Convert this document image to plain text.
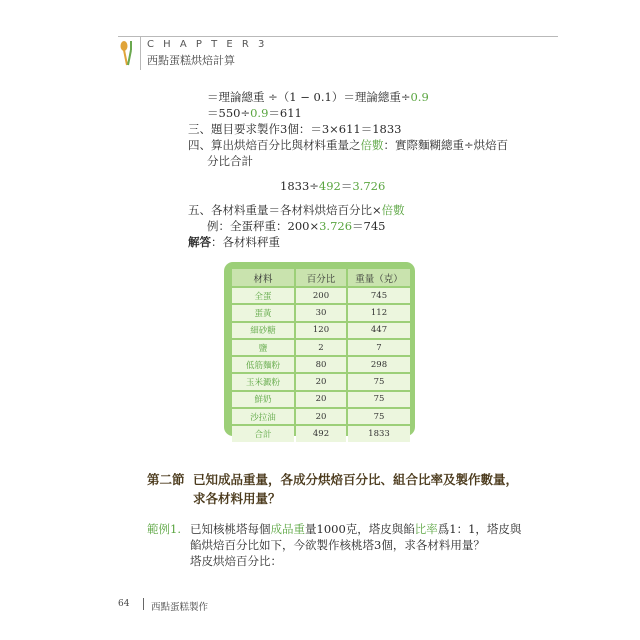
C H A P T E R 3
西點蛋糕烘焙計算
＝理論總重 ÷（1 − 0.1）＝理論總重÷0.9
＝550÷0.9＝611
三、題目要求製作3個：＝3×611＝1833
四、算出烘焙百分比與材料重量之倍數：實際麵糊總重÷烘焙百
分比合計
1833÷492＝3.726
五、各材料重量＝各材料烘焙百分比×倍數
例：全蛋秤重：200×3.726＝745
解答：各材料秤重
材料	百分比	重量（克）
全蛋	200	745
蛋黃	30	112
細砂糖	120	447
鹽	2	7
低筋麵粉	80	298
玉米澱粉	20	75
鮮奶	20	75
沙拉油	20	75
合計	492	1833
第二節 已知成品重量，各成分烘焙百分比、組合比率及製作數量，
求各材料用量？
範例1. 已知核桃塔每個成品重量1000克，塔皮與餡比率爲1：1，塔皮與
餡烘焙百分比如下，今欲製作核桃塔3個，求各材料用量？
塔皮烘焙百分比：
64 西點蛋糕製作
